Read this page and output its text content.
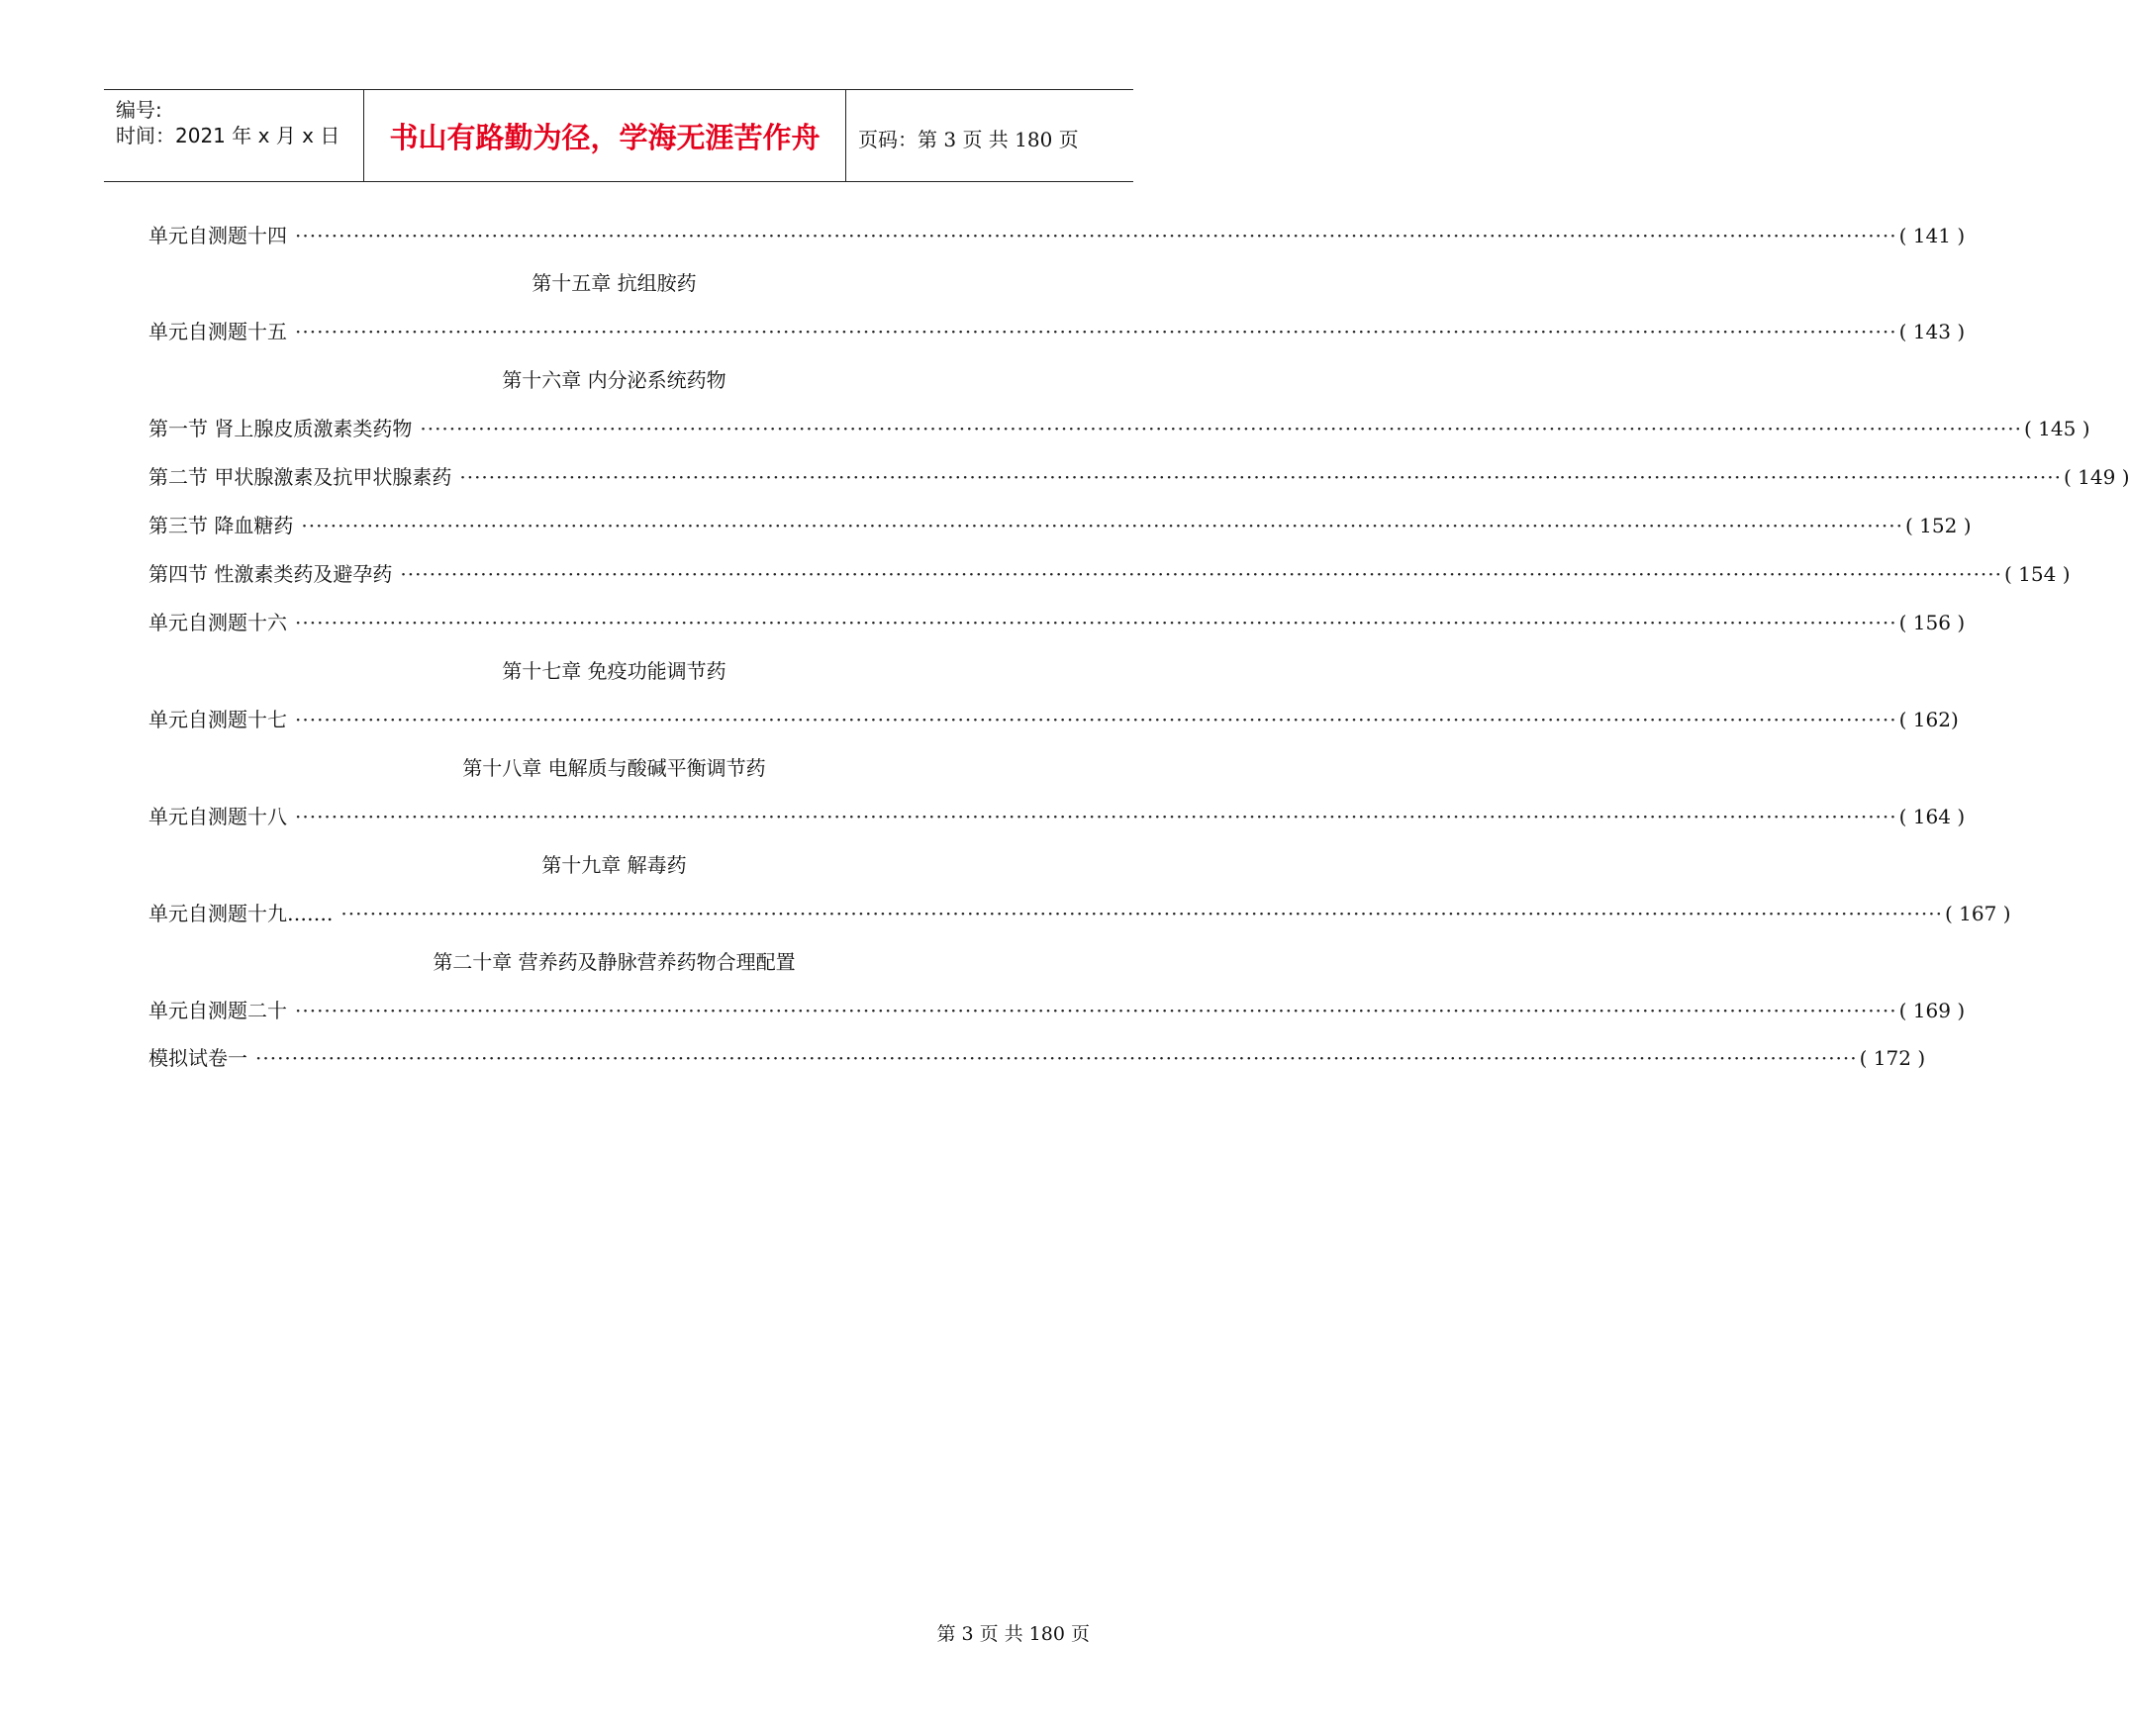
编号:
时间：2021 年 x 月 x 日	书山有路勤为径，学海无涯苦作舟	页码：第 3 页 共 180 页
单元自测题十四 ···························································································································································································································· ( 141 )
第十五章 抗组胺药
单元自测题十五 ···························································································································································································································· ( 143 )
第十六章 内分泌系统药物
第一节 肾上腺皮质激素类药物 ···························································································································································································································· ( 145 )
第二节 甲状腺激素及抗甲状腺素药 ···························································································································································································································· ( 149 )
第三节 降血糖药 ···························································································································································································································· ( 152 )
第四节 性激素类药及避孕药 ···························································································································································································································· ( 154 )
单元自测题十六 ···························································································································································································································· ( 156 )
第十七章 免疫功能调节药
单元自测题十七 ···························································································································································································································· ( 162)
第十八章 电解质与酸碱平衡调节药
单元自测题十八 ···························································································································································································································· ( 164 )
第十九章 解毒药
单元自测题十九……. ···························································································································································································································· ( 167 )
第二十章 营养药及静脉营养药物合理配置
单元自测题二十 ···························································································································································································································· ( 169 )
模拟试卷一 ···························································································································································································································· ( 172 )
第 3 页 共 180 页
